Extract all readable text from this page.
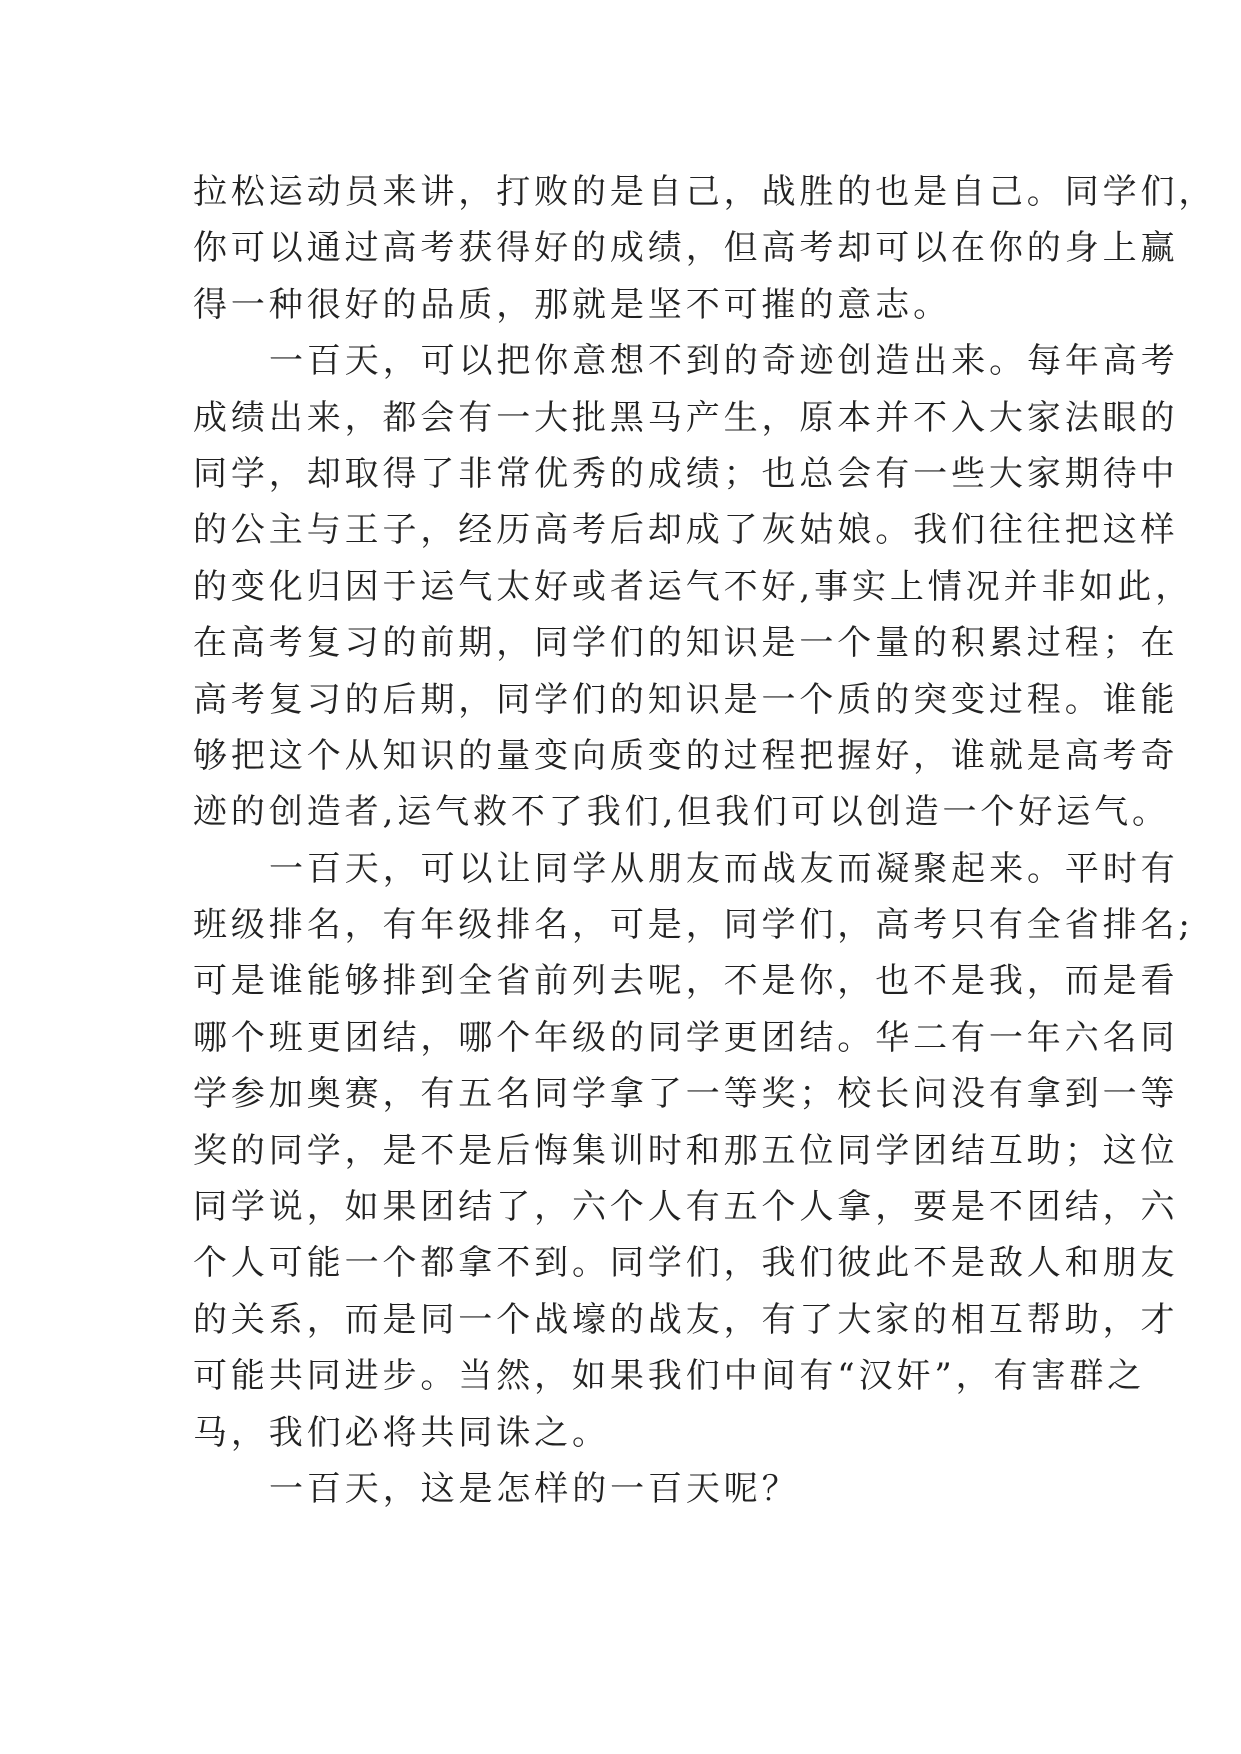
拉松运动员来讲，打败的是自己，战胜的也是自己。同学们，
你可以通过高考获得好的成绩，但高考却可以在你的身上赢
得一种很好的品质，那就是坚不可摧的意志。
一百天，可以把你意想不到的奇迹创造出来。每年高考
成绩出来，都会有一大批黑马产生，原本并不入大家法眼的
同学，却取得了非常优秀的成绩；也总会有一些大家期待中
的公主与王子，经历高考后却成了灰姑娘。我们往往把这样
的变化归因于运气太好或者运气不好,事实上情况并非如此，
在高考复习的前期，同学们的知识是一个量的积累过程；在
高考复习的后期，同学们的知识是一个质的突变过程。谁能
够把这个从知识的量变向质变的过程把握好，谁就是高考奇
迹的创造者,运气救不了我们,但我们可以创造一个好运气。
一百天，可以让同学从朋友而战友而凝聚起来。平时有
班级排名，有年级排名，可是，同学们，高考只有全省排名;
可是谁能够排到全省前列去呢，不是你，也不是我，而是看
哪个班更团结，哪个年级的同学更团结。华二有一年六名同
学参加奥赛，有五名同学拿了一等奖；校长问没有拿到一等
奖的同学，是不是后悔集训时和那五位同学团结互助；这位
同学说，如果团结了，六个人有五个人拿，要是不团结，六
个人可能一个都拿不到。同学们，我们彼此不是敌人和朋友
的关系，而是同一个战壕的战友，有了大家的相互帮助，才
可能共同进步。当然，如果我们中间有“汉奸”，有害群之
马，我们必将共同诛之。
一百天，这是怎样的一百天呢？
